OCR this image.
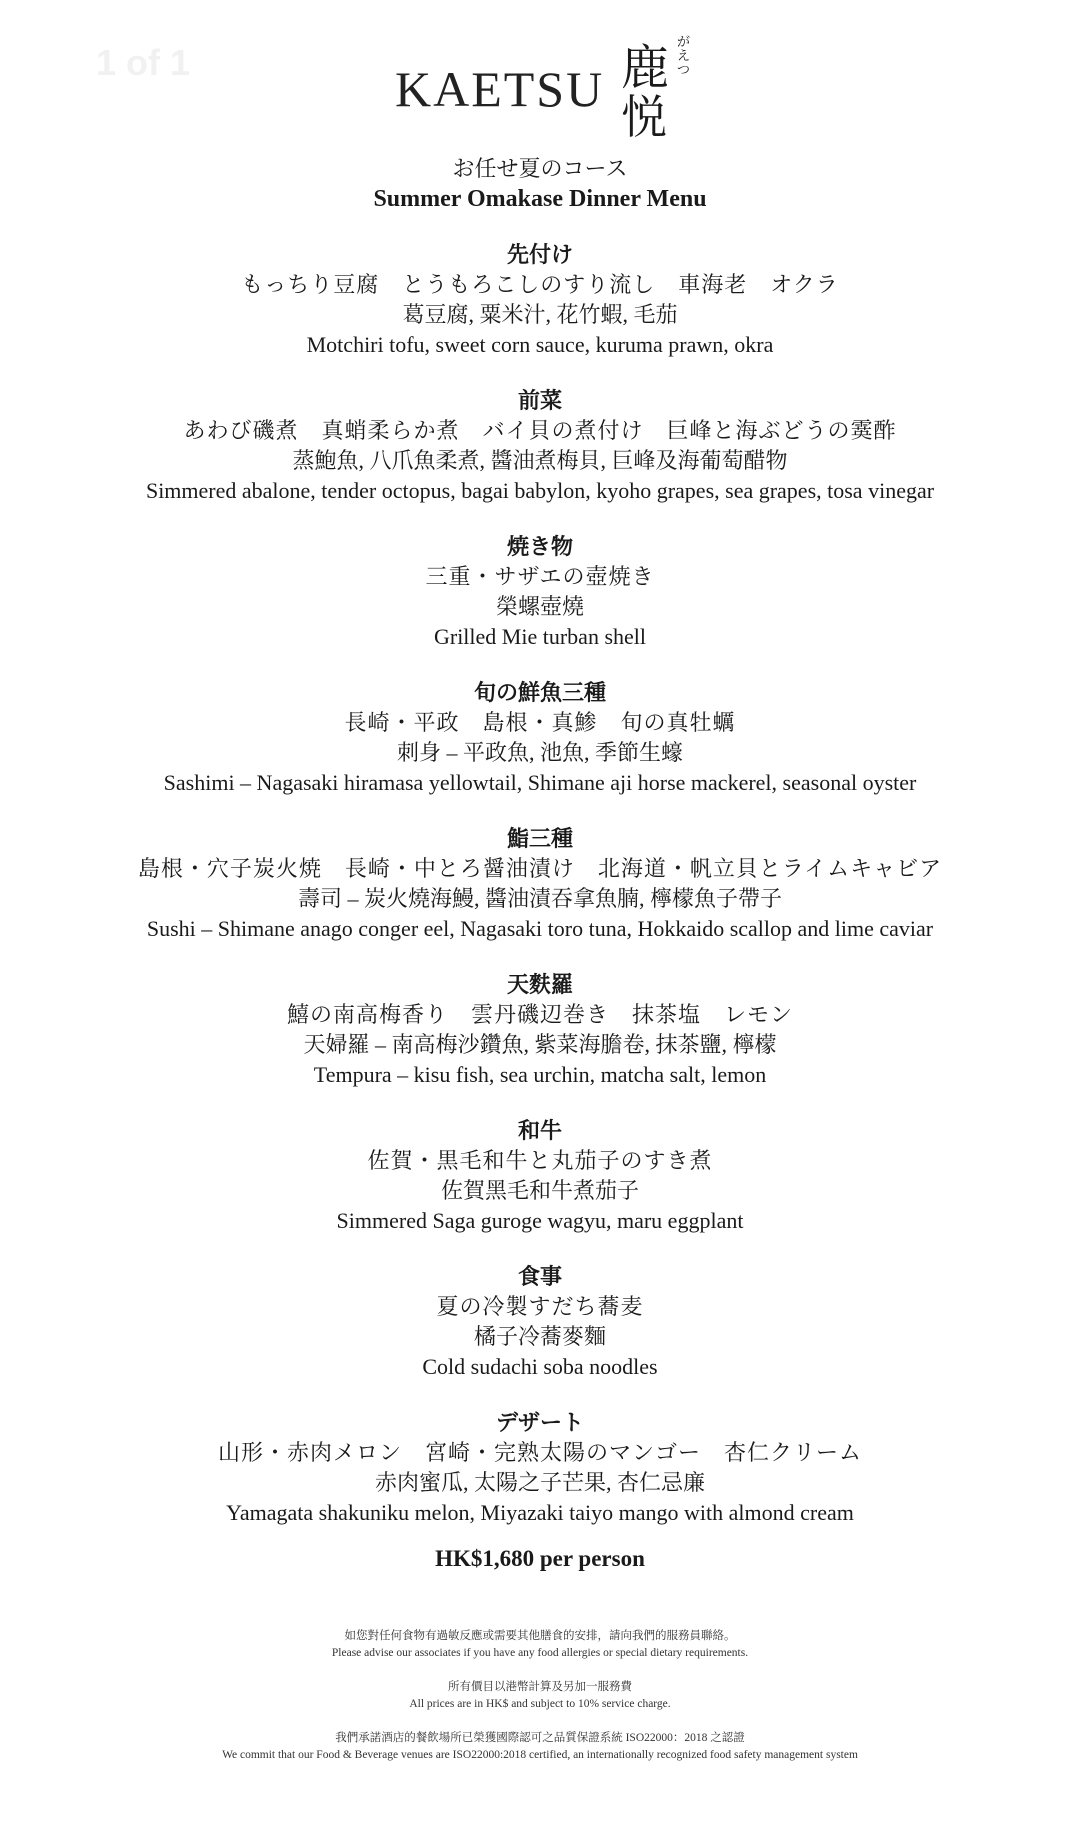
1 of 1	KAETSU 鹿
悦
がえつ
お任せ夏のコース
Summer Omakase Dinner Menu
先付け
もっちり豆腐　とうもろこしのすり流し　車海老　オクラ
葛豆腐, 粟米汁, 花竹蝦, 毛茄
Motchiri tofu, sweet corn sauce, kuruma prawn, okra
前菜
あわび磯煮　真蛸柔らか煮　バイ貝の煮付け　巨峰と海ぶどうの霙酢
蒸鮑魚, 八爪魚柔煮, 醬油煮梅貝, 巨峰及海葡萄醋物
Simmered abalone, tender octopus, bagai babylon, kyoho grapes, sea grapes, tosa vinegar
焼き物
三重・サザエの壺焼き
榮螺壺燒
Grilled Mie turban shell
旬の鮮魚三種
長崎・平政　島根・真鯵　旬の真牡蠣
刺身 – 平政魚, 池魚, 季節生蠔
Sashimi – Nagasaki hiramasa yellowtail, Shimane aji horse mackerel, seasonal oyster
鮨三種
島根・穴子炭火焼　長崎・中とろ醤油漬け　北海道・帆立貝とライムキャビア
壽司 – 炭火燒海鰻, 醬油漬吞拿魚腩, 檸檬魚子帶子
Sushi – Shimane anago conger eel, Nagasaki toro tuna, Hokkaido scallop and lime caviar
天麩羅
鱚の南高梅香り　雲丹磯辺巻き　抹茶塩　レモン
天婦羅 – 南高梅沙鑽魚, 紫菜海膽卷, 抹茶鹽, 檸檬
Tempura – kisu fish, sea urchin, matcha salt, lemon
和牛
佐賀・黒毛和牛と丸茄子のすき煮
佐賀黑毛和牛煮茄子
Simmered Saga guroge wagyu, maru eggplant
食事
夏の冷製すだち蕎麦
橘子冷蕎麥麵
Cold sudachi soba noodles
デザート
山形・赤肉メロン　宮崎・完熟太陽のマンゴー　杏仁クリーム
赤肉蜜瓜, 太陽之子芒果, 杏仁忌廉
Yamagata shakuniku melon, Miyazaki taiyo mango with almond cream
HK$1,680 per person
如您對任何食物有過敏反應或需要其他膳食的安排，請向我們的服務員聯絡。
Please advise our associates if you have any food allergies or special dietary requirements.
所有價目以港幣計算及另加一服務費
All prices are in HK$ and subject to 10% service charge.
我們承諾酒店的餐飲場所已榮獲國際認可之品質保證系統 ISO22000：2018 之認證
We commit that our Food & Beverage venues are ISO22000:2018 certified, an internationally recognized food safety management system
